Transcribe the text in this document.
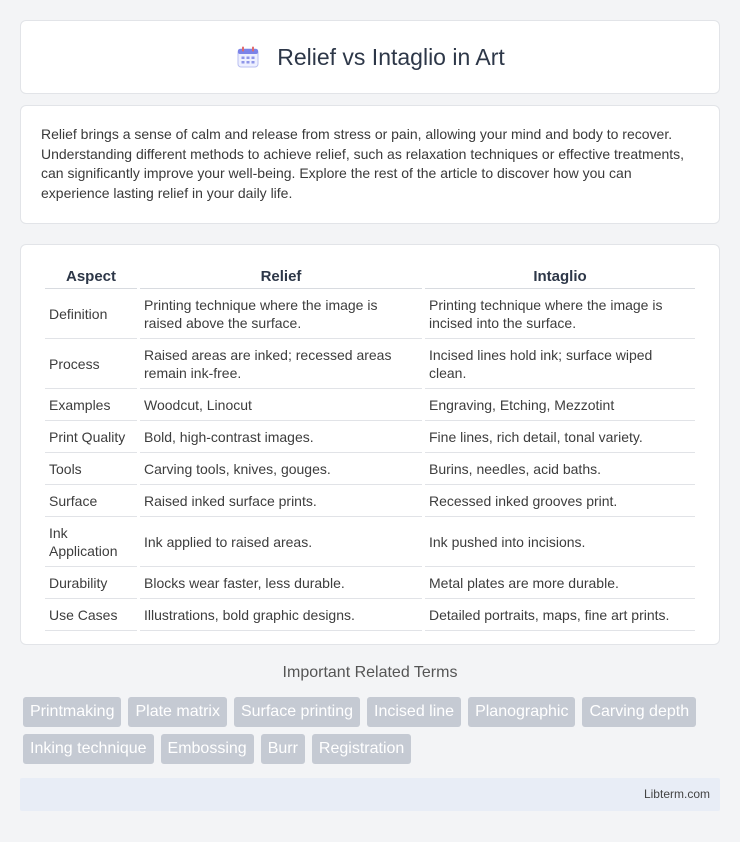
Relief vs Intaglio in Art

Relief brings a sense of calm and release from stress or pain, allowing your mind and body to recover. Understanding different methods to achieve relief, such as relaxation techniques or effective treatments, can significantly improve your well-being. Explore the rest of the article to discover how you can experience lasting relief in your daily life.

Aspect	Relief	Intaglio
Definition	Printing technique where the image is raised above the surface.	Printing technique where the image is incised into the surface.
Process	Raised areas are inked; recessed areas remain ink-free.	Incised lines hold ink; surface wiped clean.
Examples	Woodcut, Linocut	Engraving, Etching, Mezzotint
Print Quality	Bold, high-contrast images.	Fine lines, rich detail, tonal variety.
Tools	Carving tools, knives, gouges.	Burins, needles, acid baths.
Surface	Raised inked surface prints.	Recessed inked grooves print.
Ink Application	Ink applied to raised areas.	Ink pushed into incisions.
Durability	Blocks wear faster, less durable.	Metal plates are more durable.
Use Cases	Illustrations, bold graphic designs.	Detailed portraits, maps, fine art prints.
Important Related Terms
Printmaking	Plate matrix	Surface printing	Incised line	Planographic	Carving depth
Inking technique	Embossing	Burr	Registration
Libterm.com
